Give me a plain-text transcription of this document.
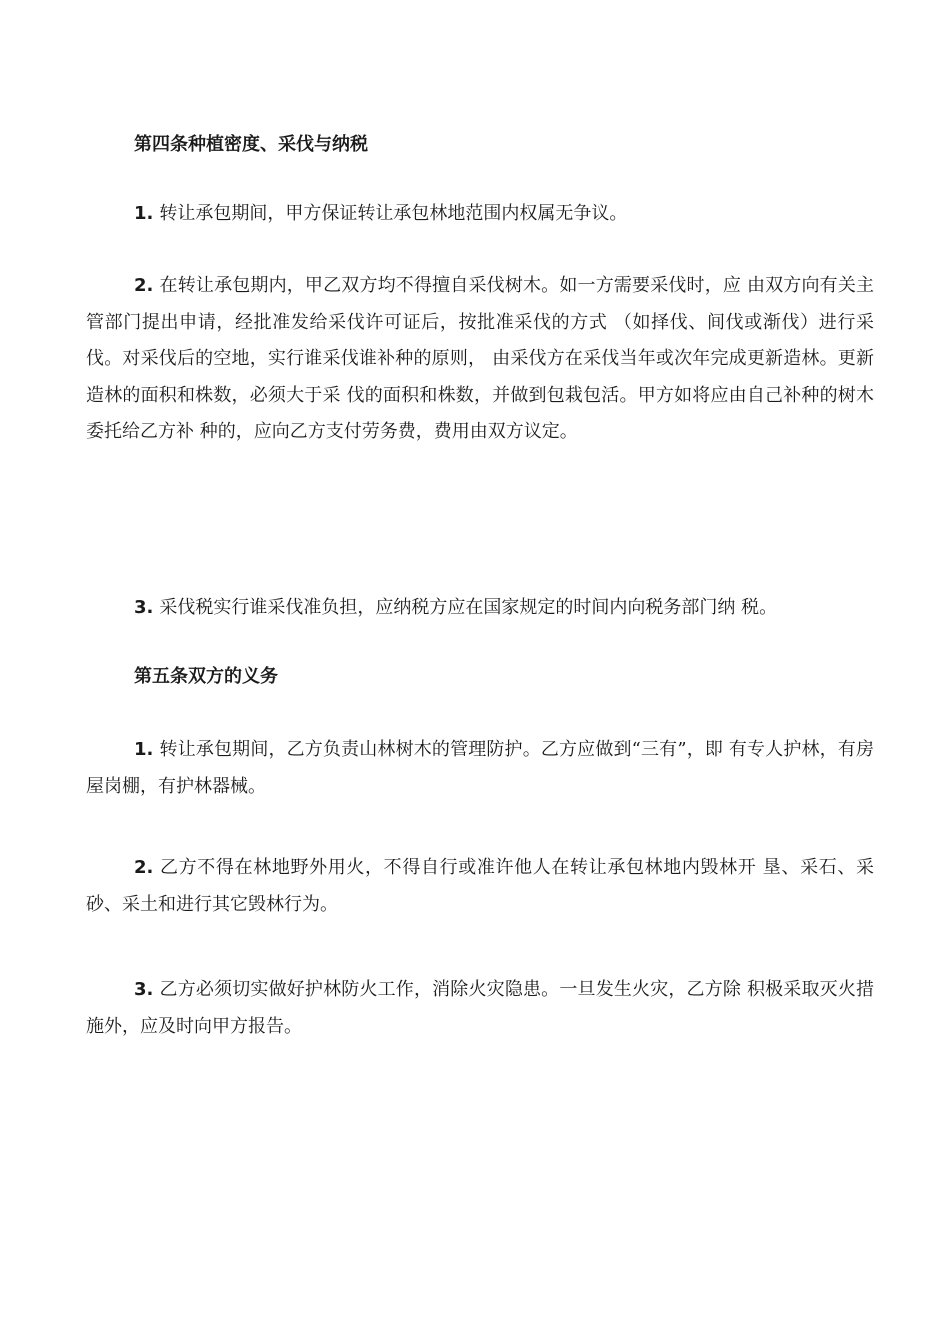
第四条种植密度、采伐与纳税

1. 转让承包期间，甲方保证转让承包林地范围内权属无争议。

2. 在转让承包期内，甲乙双方均不得擅自采伐树木。如一方需要采伐时，应 由双方向有关主管部门提出申请，经批准发给采伐许可证后，按批准采伐的方式 （如择伐、间伐或渐伐）进行采伐。对采伐后的空地，实行谁采伐谁补种的原则， 由采伐方在采伐当年或次年完成更新造林。更新造林的面积和株数，必须大于采 伐的面积和株数，并做到包栽包活。甲方如将应由自己补种的树木委托给乙方补 种的，应向乙方支付劳务费，费用由双方议定。

3. 采伐税实行谁采伐准负担，应纳税方应在国家规定的时间内向税务部门纳 税。

第五条双方的义务

1. 转让承包期间，乙方负责山林树木的管理防护。乙方应做到“三有”，即 有专人护林，有房屋岗棚，有护林器械。

2. 乙方不得在林地野外用火，不得自行或准许他人在转让承包林地内毁林开 垦、采石、采砂、采土和进行其它毁林行为。

3. 乙方必须切实做好护林防火工作，消除火灾隐患。一旦发生火灾，乙方除 积极采取灭火措施外，应及时向甲方报告。
